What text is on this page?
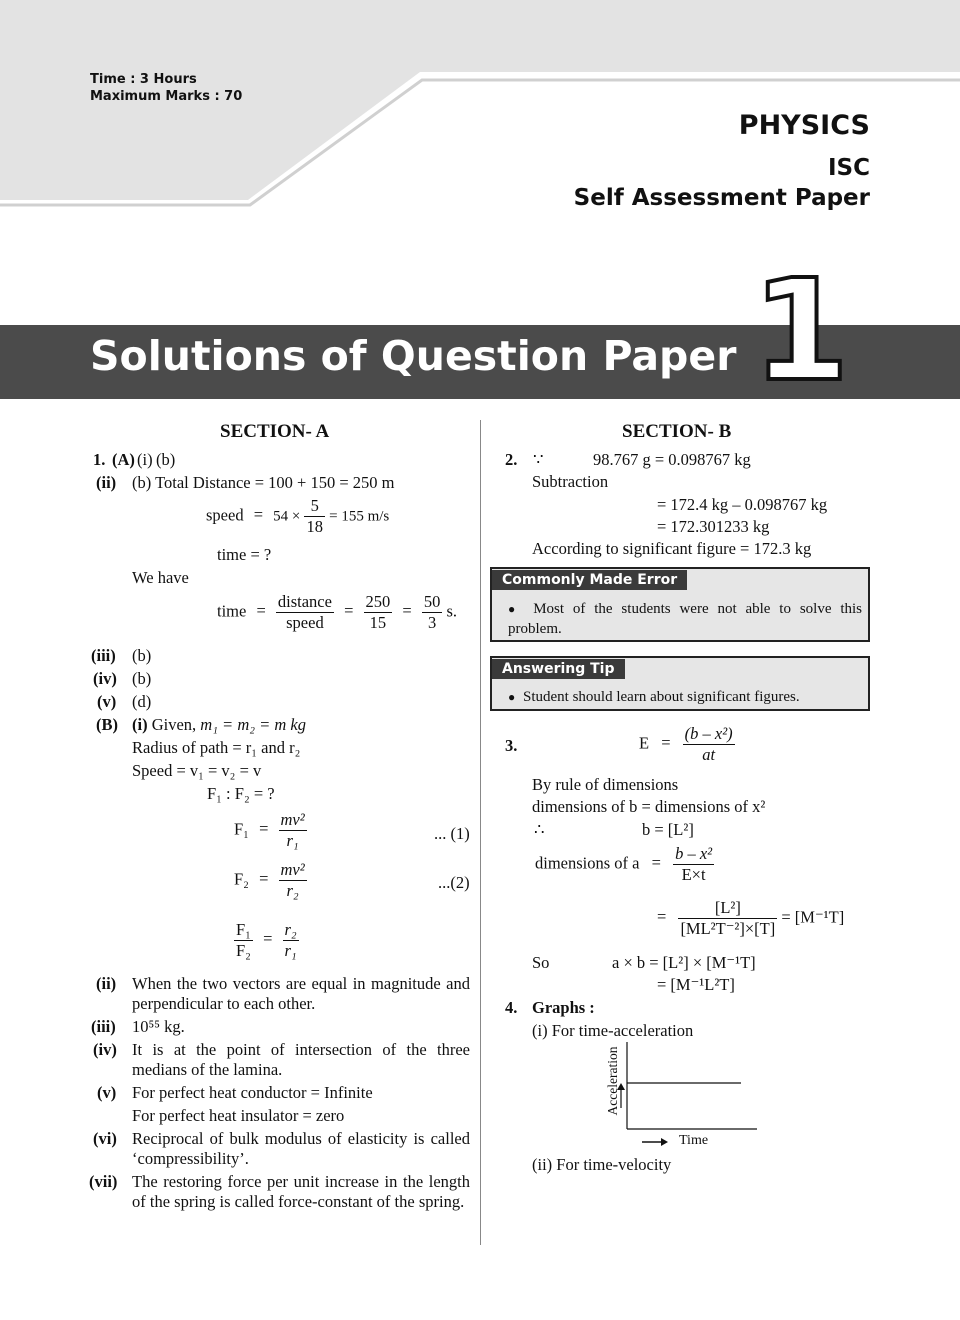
Time : 3 Hours
Maximum Marks : 70
PHYSICS
ISC
Self Assessment Paper
Solutions of Question Paper 1
SECTION- A
1. (A) (i) (b)
(ii) (b) Total Distance = 100 + 150 = 250 m
speed = $54 \times \frac{5}{18} = 155$ m/s
time = ?
We have
time = $\frac{\text{distance}}{\text{speed}} = \frac{250}{15} = \frac{50}{3} s$.
(iii) (b)
(iv) (b)
(v) (d)
(B) (i) Given, m₁ = m₂ = m kg
Radius of path = r₁ and r₂
Speed = v₁ = v₂ = v
F₁ : F₂ = ?
$F_1 = \frac{\text{mv²}}{\text{r₁}}$	... (1)
$F_2 = \frac{\text{mv²}}{\text{r₂}}$	...(2)
$\frac{\text{F₁}}{\text{F₂}} = \frac{\text{r₂}}{\text{r₁}}$
(ii) When the two vectors are equal in magnitude and perpendicular to each other.
(iii) 10⁵⁵ kg.
(iv) It is at the point of intersection of the three medians of the lamina.
(v) For perfect heat conductor = Infinite
For perfect heat insulator = zero
(vi) Reciprocal of bulk modulus of elasticity is called ‘compressibility’.
(vii) The restoring force per unit increase in the length of the spring is called force-constant of the spring.
SECTION- B
2. ∵	98.767 g = 0.098767 kg
Subtraction
= 172.4 kg – 0.098767 kg
= 172.301233 kg
According to significant figure = 172.3 kg
Commonly Made Error
● Most of the students were not able to solve this problem.
Answering Tip
● Student should learn about significant figures.
3.	$E = \frac{\text{(b – x²)}}{at}$
By rule of dimensions
dimensions of b = dimensions of x²
∴	b = [L²]
dimensions of $a = \frac{\text{b – x²}}{E\times t}$
= $\frac{\text{[L²]}}{\text{[ML²T⁻²]×[T]}} = [M^{-1}T]$
So	a × b = [L²] × [M⁻¹T]
= [M⁻¹L²T]
4. Graphs :
(i) For time-acceleration
Acceleration
Time
(ii) For time-velocity
